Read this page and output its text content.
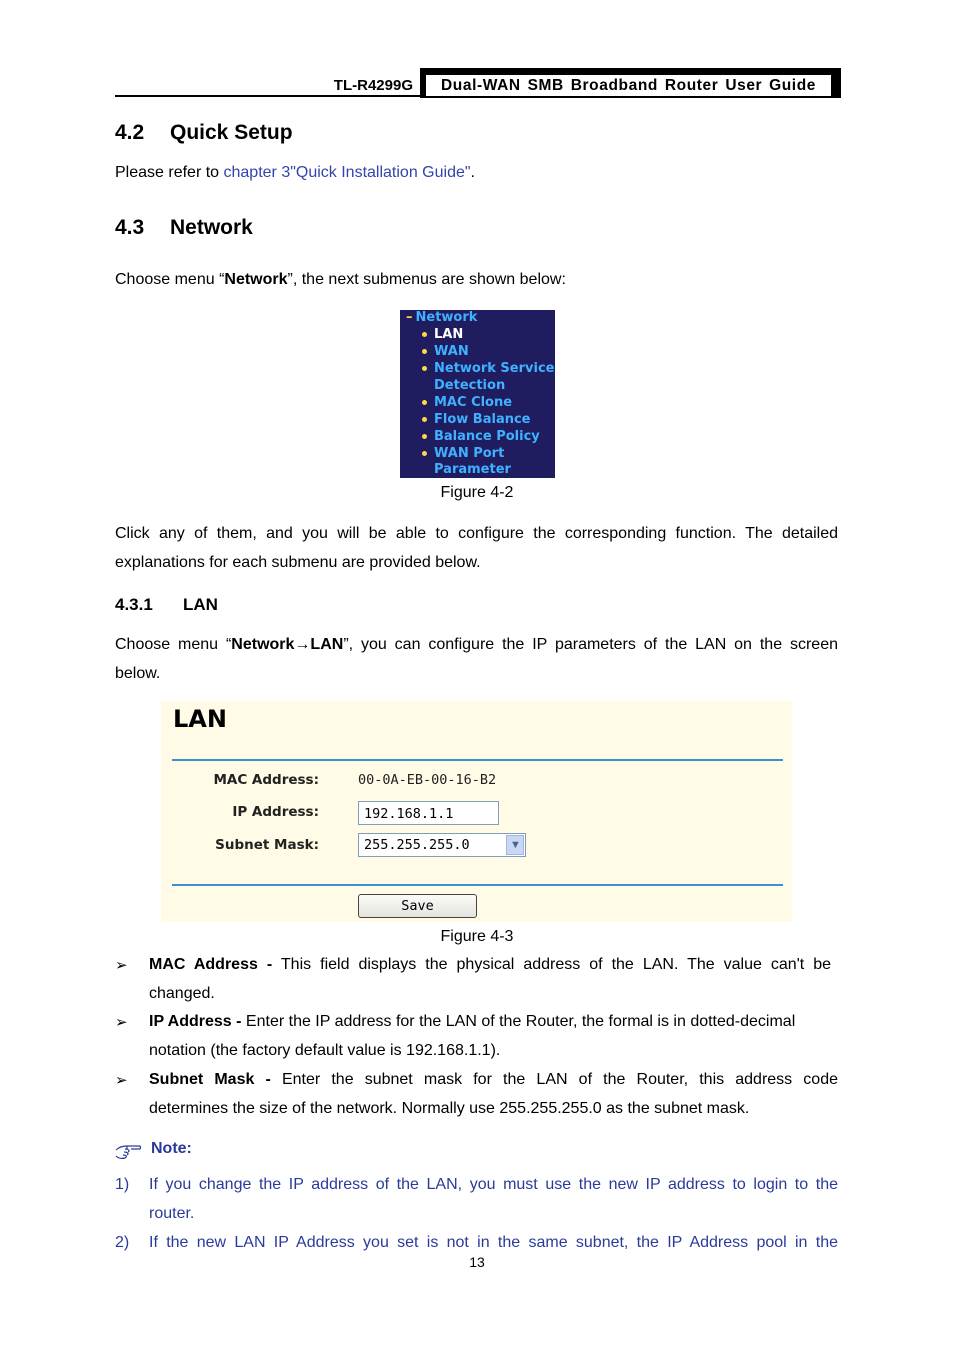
TL-R4299G	Dual-WAN SMB Broadband Router User Guide
4.2 Quick Setup
Please refer to chapter 3"Quick Installation Guide".
4.3 Network
Choose menu “Network”, the next submenus are shown below:
– Network
LAN
WAN
Network Service
Detection
MAC Clone
Flow Balance
Balance Policy
WAN Port
Parameter
Figure 4-2
Click any of them, and you will be able to configure the corresponding function. The detailed
explanations for each submenu are provided below.
4.3.1 LAN
Choose menu “Network→LAN”, you can configure the IP parameters of the LAN on the screen
below.
LAN
MAC Address:	00-0A-EB-00-16-B2
IP Address:	192.168.1.1
Subnet Mask:	255.255.255.0	▼
Save
Figure 4-3
➢ MAC Address - This field displays the physical address of the LAN. The value can't be
changed.
➢ IP Address - Enter the IP address for the LAN of the Router, the formal is in dotted-decimal
notation (the factory default value is 192.168.1.1).
➢ Subnet Mask - Enter the subnet mask for the LAN of the Router, this address code
determines the size of the network. Normally use 255.255.255.0 as the subnet mask.
Note:
1) If you change the IP address of the LAN, you must use the new IP address to login to the
router.
2) If the new LAN IP Address you set is not in the same subnet, the IP Address pool in the
13
